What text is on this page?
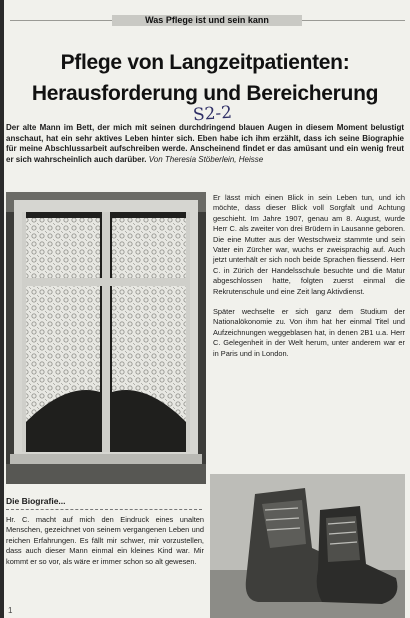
Was Pflege ist und sein kann
Pflege von Langzeitpatienten:
Herausforderung und Bereicherung
S2-2
Der alte Mann im Bett, der mich mit seinen durchdringend blauen Augen in diesem Moment belustigt anschaut, hat ein sehr aktives Leben hinter sich. Eben habe ich ihm erzählt, dass ich seine Biographie für meine Abschlussarbeit aufschreiben werde. Anscheinend findet er das amüsant und ein wenig freut er sich wahrscheinlich auch darüber. Von Theresia Stöberlein, Heisse

Er lässt mich einen Blick in sein Leben tun, und ich möchte, dass dieser Blick voll Sorgfalt und Achtung geschieht. Im Jahre 1907, genau am 8. August, wurde Herr C. als zweiter von drei Brüdern in Lausanne geboren. Die eine Mutter aus der Westschweiz stammte und sein Vater ein Zürcher war, wuchs er zweisprachig auf. Auch jetzt unterhält er sich noch beide Sprachen fliessend. Herr C. in Zürich der Handelsschule besuchte und die Matur abgeschlossen hatte, folgten zuerst einmal die Rekrutenschule und eine Zeit lang Aktivdienst.

Später wechselte er sich ganz dem Studium der Nationalökonomie zu. Von ihm hat her einmal Titel und Aufzeichnungen weggeblasen hat, in denen 2B1 u.a. Herr C. Gelegenheit in der Welt herum, unter anderem war er in Paris und in London.

Die Biografie...

Hr. C. macht auf mich den Eindruck eines unalten Menschen, gezeichnet von seinem vergangenen Leben und reichen Erfahrungen. Es fällt mir schwer, mir vorzustellen, dass auch dieser Mann einmal ein kleines Kind war. Mir kommt er so vor, als wäre er immer schon so alt gewesen.

1
